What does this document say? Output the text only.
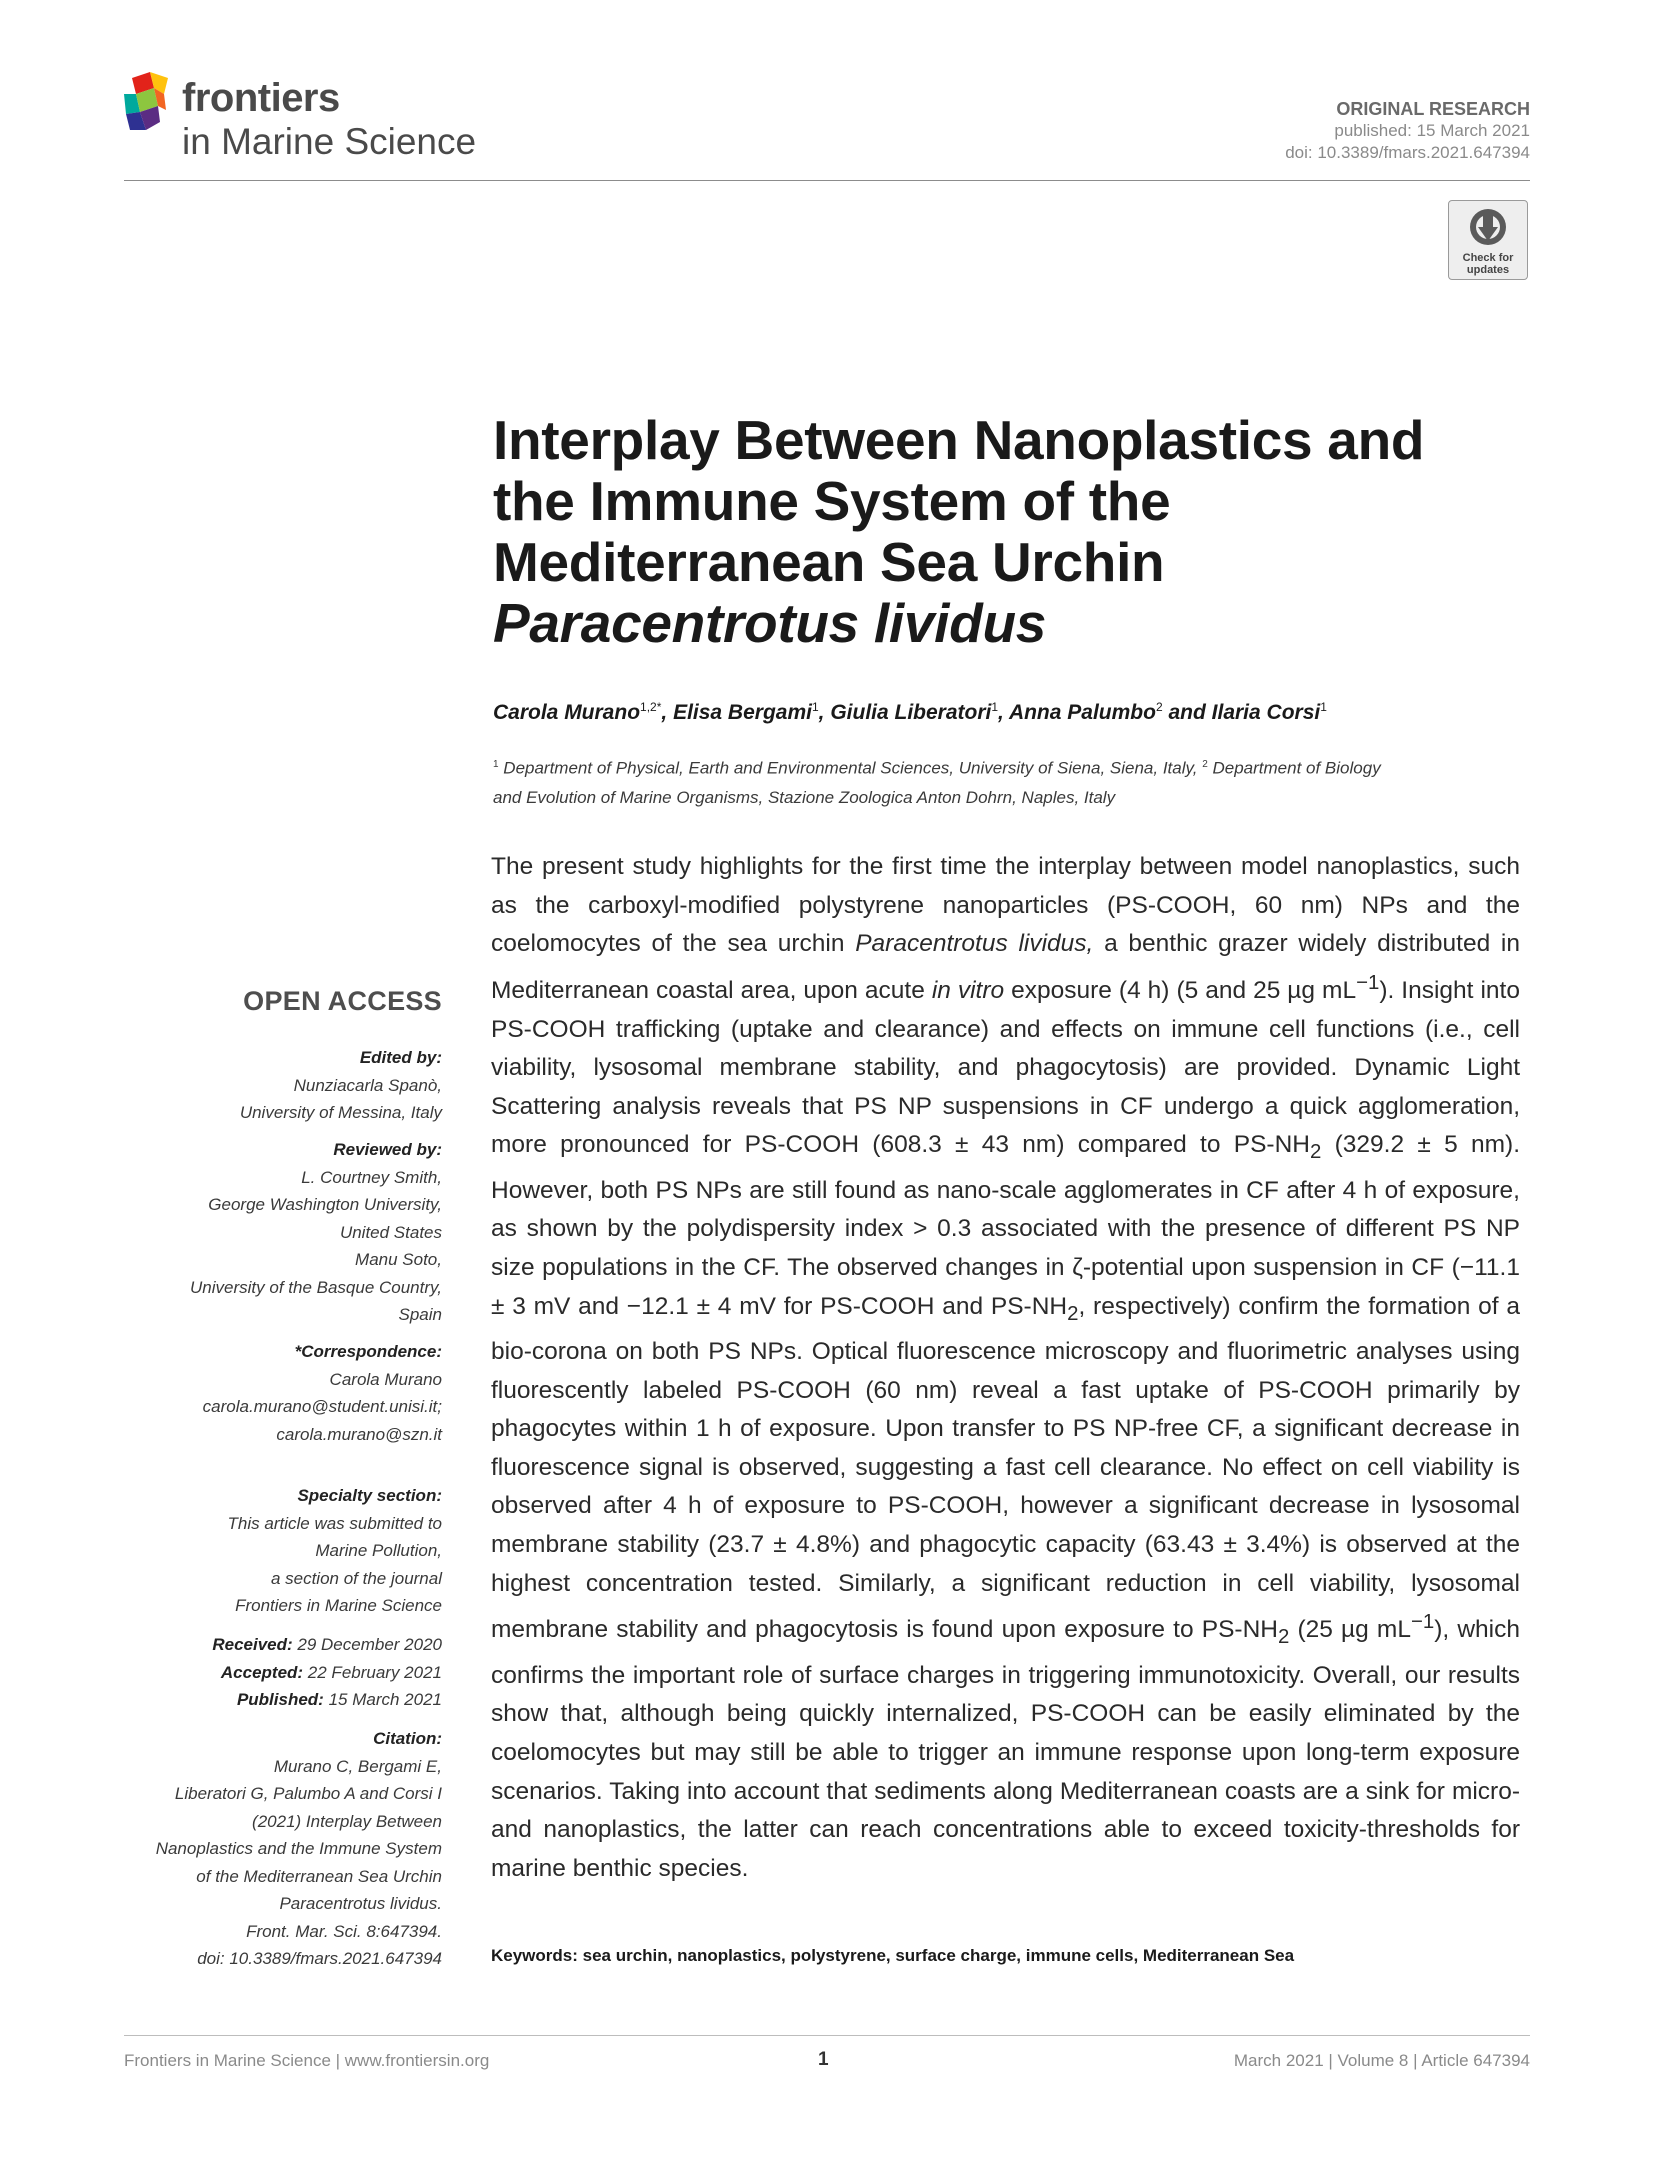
frontiers
in Marine Science
ORIGINAL RESEARCH
published: 15 March 2021
doi: 10.3389/fmars.2021.647394
Check for
updates
Interplay Between Nanoplastics and
the Immune System of the
Mediterranean Sea Urchin
Paracentrotus lividus
Carola Murano$^{1,2*}$, Elisa Bergami$^1$, Giulia Liberatori$^1$, Anna Palumbo$^2$ and Ilaria Corsi$^1$
$^1$ Department of Physical, Earth and Environmental Sciences, University of Siena, Siena, Italy, $^2$ Department of Biology
and Evolution of Marine Organisms, Stazione Zoologica Anton Dohrn, Naples, Italy
OPEN ACCESS
Edited by:
Nunziacarla Spanò,
University of Messina, Italy
Reviewed by:
L. Courtney Smith,
George Washington University,
United States
Manu Soto,
University of the Basque Country,
Spain
*Correspondence:
Carola Murano
carola.murano@student.unisi.it;
carola.murano@szn.it
Specialty section:
This article was submitted to
Marine Pollution,
a section of the journal
Frontiers in Marine Science
Received: 29 December 2020
Accepted: 22 February 2021
Published: 15 March 2021
Citation:
Murano C, Bergami E,
Liberatori G, Palumbo A and Corsi I
(2021) Interplay Between
Nanoplastics and the Immune System
of the Mediterranean Sea Urchin
Paracentrotus lividus.
Front. Mar. Sci. 8:647394.
doi: 10.3389/fmars.2021.647394

The present study highlights for the first time the interplay between model nanoplastics, such as the carboxyl-modified polystyrene nanoparticles (PS-COOH, 60 nm) NPs and the coelomocytes of the sea urchin Paracentrotus lividus, a benthic grazer widely distributed in Mediterranean coastal area, upon acute in vitro exposure (4 h) (5 and 25 µg $mL^{-1}$). Insight into PS-COOH trafficking (uptake and clearance) and effects on immune cell functions (i.e., cell viability, lysosomal membrane stability, and phagocytosis) are provided. Dynamic Light Scattering analysis reveals that PS NP suspensions in CF undergo a quick agglomeration, more pronounced for PS-COOH (608.3 ± 43 nm) compared to $PS-NH_2$ (329.2 ± 5 nm). However, both PS NPs are still found as nano-scale agglomerates in CF after 4 h of exposure, as shown by the polydispersity index > 0.3 associated with the presence of different PS NP size populations in the CF. The observed changes in ζ-potential upon suspension in CF (−11.1 ± 3 mV and −12.1 ± 4 mV for PS-COOH and $PS-NH_2$, respectively) confirm the formation of a bio-corona on both PS NPs. Optical fluorescence microscopy and fluorimetric analyses using fluorescently labeled PS-COOH (60 nm) reveal a fast uptake of PS-COOH primarily by phagocytes within 1 h of exposure. Upon transfer to PS NP-free CF, a significant decrease in fluorescence signal is observed, suggesting a fast cell clearance. No effect on cell viability is observed after 4 h of exposure to PS-COOH, however a significant decrease in lysosomal membrane stability (23.7 ± 4.8%) and phagocytic capacity (63.43 ± 3.4%) is observed at the highest concentration tested. Similarly, a significant reduction in cell viability, lysosomal membrane stability and phagocytosis is found upon exposure to $PS-NH_2$ (25 µg $mL^{-1}$), which confirms the important role of surface charges in triggering immunotoxicity. Overall, our results show that, although being quickly internalized, PS-COOH can be easily eliminated by the coelomocytes but may still be able to trigger an immune response upon long-term exposure scenarios. Taking into account that sediments along Mediterranean coasts are a sink for micro- and nanoplastics, the latter can reach concentrations able to exceed toxicity-thresholds for marine benthic species.

Keywords: sea urchin, nanoplastics, polystyrene, surface charge, immune cells, Mediterranean Sea
Frontiers in Marine Science | www.frontiersin.org	1	March 2021 | Volume 8 | Article 647394
